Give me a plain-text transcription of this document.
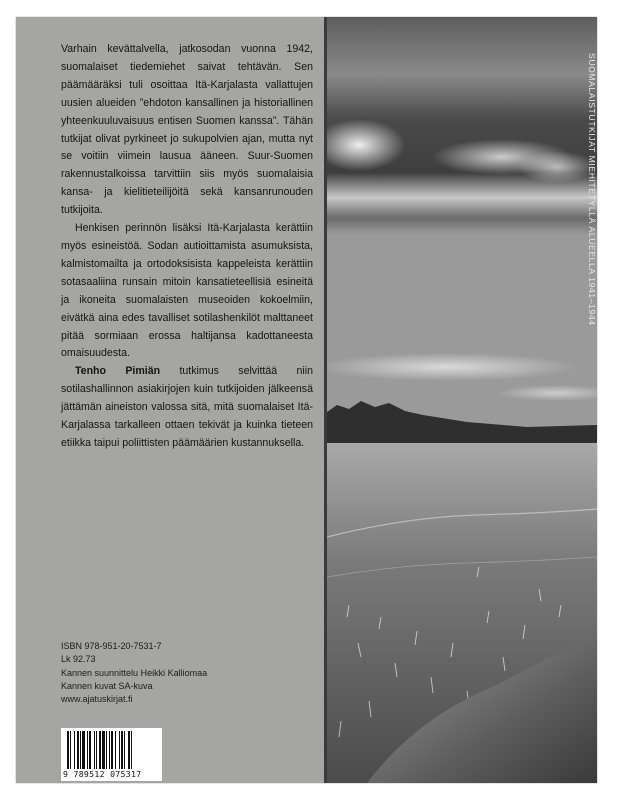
Varhain kevättalvella, jatkosodan vuonna 1942, suomalaiset tiedemiehet saivat tehtävän. Sen päämääräksi tuli osoittaa Itä-Karjalasta vallattujen uusien alueiden ”ehdoton kansallinen ja historiallinen yhteenkuuluvaisuus entisen Suomen kanssa”. Tähän tutkijat olivat pyrkineet jo sukupolvien ajan, mutta nyt se voitiin viimein lausua ääneen. Suur-Suomen rakennustalkoissa tarvittiin siis myös suomalaisia kansa- ja kielitieteilijöitä sekä kansanrunouden tutkijoita.

Henkisen perinnön lisäksi Itä-Karjalasta kerättiin myös esineistöä. Sodan autioittamista asumuksista, kalmistomailta ja ortodoksisista kappeleista kerättiin sotasaaliina runsain mitoin kansatieteellisiä esineitä ja ikoneita suomalaisten museoiden kokoelmiin, eivätkä aina edes tavalliset sotilashenkilöt malttaneet pitää sormiaan erossa haltijansa kadottaneesta omaisuudesta.

Tenho Pimiän tutkimus selvittää niin sotilashallinnon asiakirjojen kuin tutkijoiden jälkeensä jättämän aineiston valossa sitä, mitä suomalaiset Itä-Karjalassa tarkalleen ottaen tekivät ja kuinka tieteen etiikka taipui poliittisten päämäärien kustannuksella.

ISBN 978-951-20-7531-7
Lk 92.73
Kannen suunnittelu Heikki Kalliomaa
Kannen kuvat SA-kuva
www.ajatuskirjat.fi
9 789512 075317
SUOMALAISTUTKIJAT MIEHITETYLLÄ ALUEELLA 1941–1944
